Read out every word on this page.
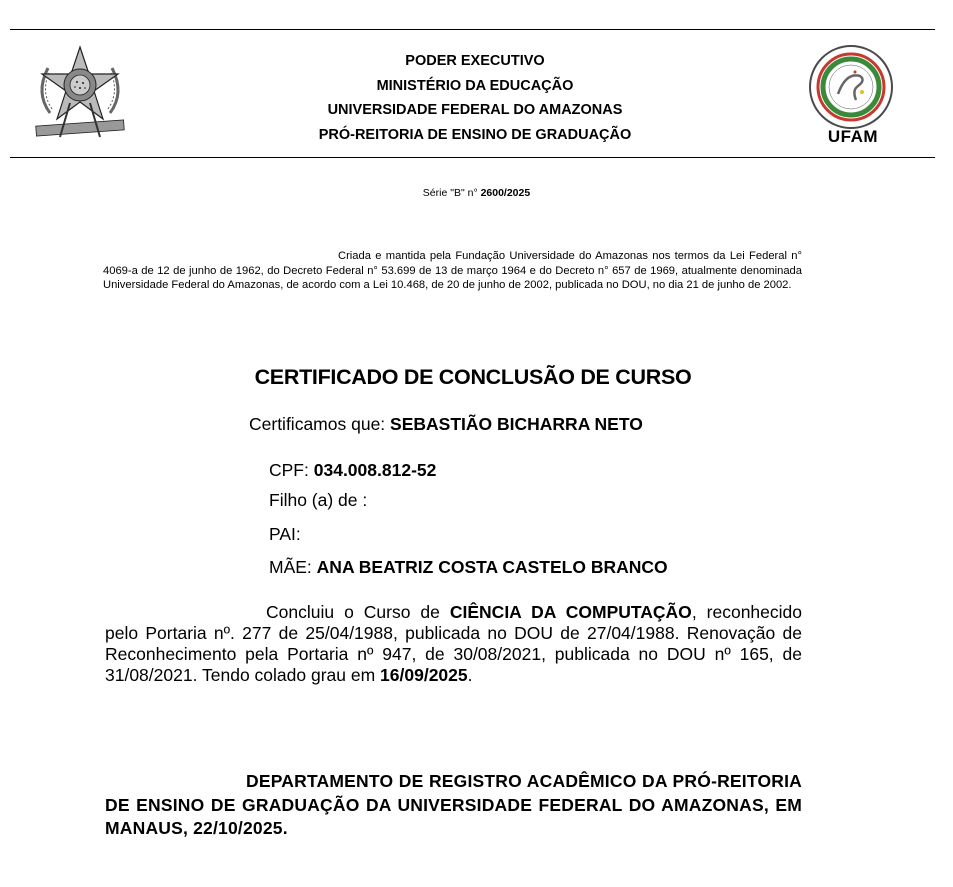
PODER EXECUTIVO
MINISTÉRIO DA EDUCAÇÃO
UNIVERSIDADE FEDERAL DO AMAZONAS
PRÓ-REITORIA DE ENSINO DE GRADUAÇÃO	UFAM
Série "B" n° 2600/2025
Criada e mantida pela Fundação Universidade do Amazonas nos termos da Lei Federal n° 4069-a de 12 de junho de 1962, do Decreto Federal n° 53.699 de 13 de março 1964 e do Decreto n° 657 de 1969, atualmente denominada Universidade Federal do Amazonas, de acordo com a Lei 10.468, de 20 de junho de 2002, publicada no DOU, no dia 21 de junho de 2002.
CERTIFICADO DE CONCLUSÃO DE CURSO
Certificamos que: SEBASTIÃO BICHARRA NETO
CPF: 034.008.812-52
Filho (a) de :
PAI:
MÃE: ANA BEATRIZ COSTA CASTELO BRANCO
Concluiu o Curso de CIÊNCIA DA COMPUTAÇÃO, reconhecido pelo Portaria nº. 277 de 25/04/1988, publicada no DOU de 27/04/1988. Renovação de Reconhecimento pela Portaria nº 947, de 30/08/2021, publicada no DOU nº 165, de 31/08/2021. Tendo colado grau em 16/09/2025.
DEPARTAMENTO DE REGISTRO ACADÊMICO DA PRÓ-REITORIA DE ENSINO DE GRADUAÇÃO DA UNIVERSIDADE FEDERAL DO AMAZONAS, EM MANAUS, 22/10/2025.
